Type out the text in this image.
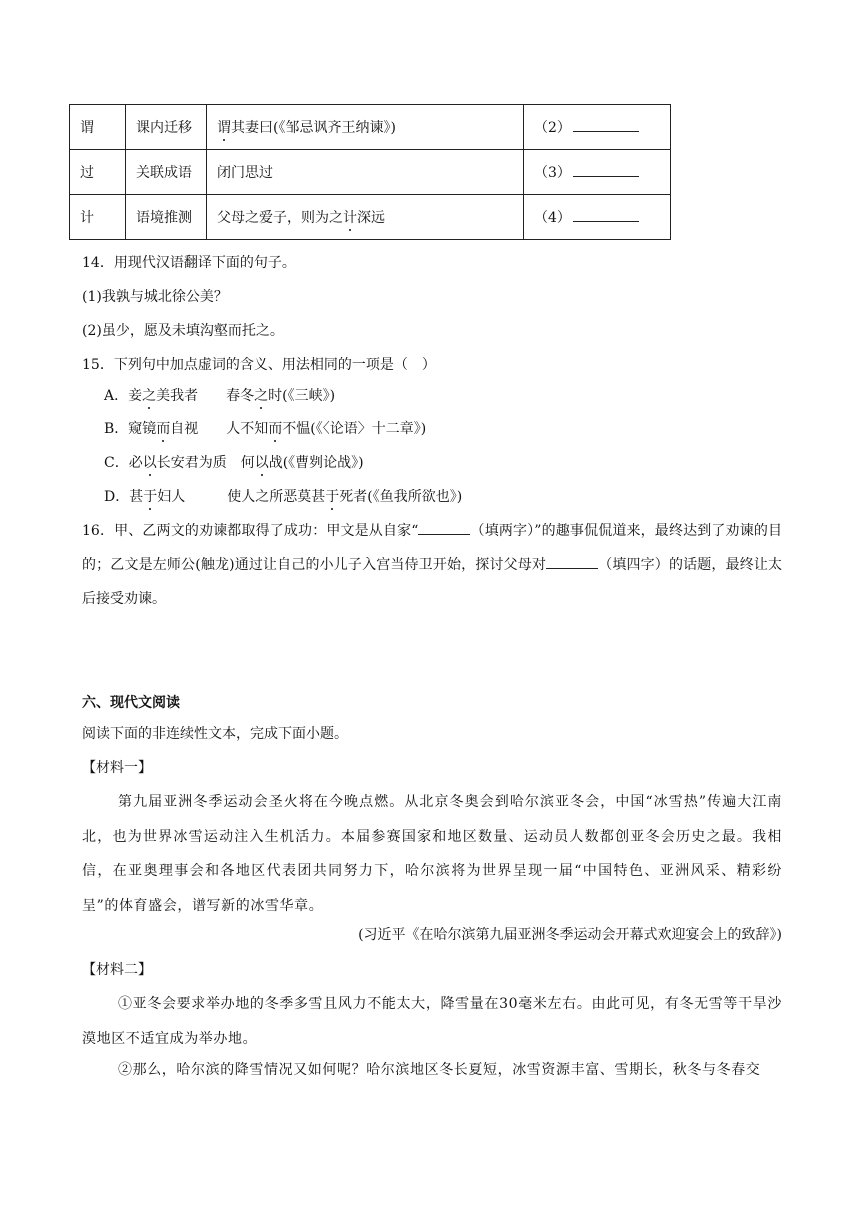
谓	课内迁移	谓其妻曰(《邹忌讽齐王纳谏》)	（2）
过	关联成语	闭门思过	（3）
计	语境推测	父母之爱子，则为之计深远	（4）
14．用现代汉语翻译下面的句子。
(1)我孰与城北徐公美？
(2)虽少，愿及未填沟壑而托之。
15．下列句中加点虚词的含义、用法相同的一项是（　）
A．妾之美我者　　春冬之时(《三峡》)
B．窥镜而自视　　人不知而不愠(《〈论语〉十二章》)
C．必以长安君为质　何以战(《曹刿论战》)
D．甚于妇人　　　使人之所恶莫甚于死者(《鱼我所欲也》)
16．甲、乙两文的劝谏都取得了成功：甲文是从自家“	（填两字）”的趣事侃侃道来，最终达到了劝谏的目的；乙文是左师公(触龙)通过让自己的小儿子入宫当侍卫开始，探讨父母对	（填四字）的话题，最终让太后接受劝谏。
六、现代文阅读
阅读下面的非连续性文本，完成下面小题。
【材料一】
第九届亚洲冬季运动会圣火将在今晚点燃。从北京冬奥会到哈尔滨亚冬会，中国“冰雪热”传遍大江南北，也为世界冰雪运动注入生机活力。本届参赛国家和地区数量、运动员人数都创亚冬会历史之最。我相信，在亚奥理事会和各地区代表团共同努力下，哈尔滨将为世界呈现一届“中国特色、亚洲风采、精彩纷呈”的体育盛会，谱写新的冰雪华章。
(习近平《在哈尔滨第九届亚洲冬季运动会开幕式欢迎宴会上的致辞》)
【材料二】
①亚冬会要求举办地的冬季多雪且风力不能太大，降雪量在30毫米左右。由此可见，有冬无雪等干旱沙漠地区不适宜成为举办地。
②那么，哈尔滨的降雪情况又如何呢？哈尔滨地区冬长夏短，冰雪资源丰富、雪期长，秋冬与冬春交
